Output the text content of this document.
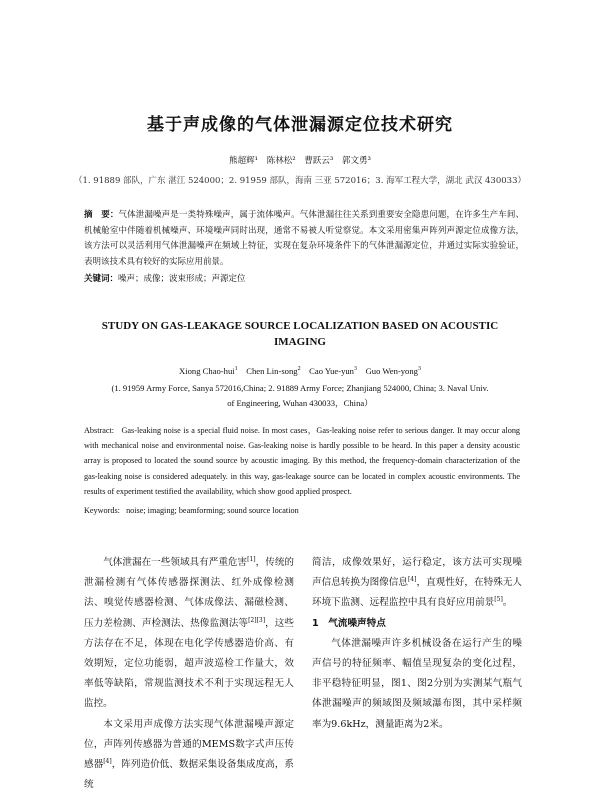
基于声成像的气体泄漏源定位技术研究
熊超辉¹ 陈林松² 曹跃云³ 郭文勇³
（1. 91889 部队，广东 湛江 524000；2. 91959 部队，海南 三亚 572016；3. 海军工程大学，湖北 武汉 430033）
摘　要：气体泄漏噪声是一类特殊噪声，属于流体噪声。气体泄漏往往关系到重要安全隐患问题，在许多生产车间、机械舱室中伴随着机械噪声、环境噪声同时出现，通常不易被人听觉察觉。本文采用密集声阵列声源定位成像方法，该方法可以灵活利用气体泄漏噪声在频域上特征，实现在复杂环境条件下的气体泄漏源定位，并通过实际实验验证，表明该技术具有较好的实际应用前景。
关键词：噪声；成像；波束形成；声源定位
STUDY ON GAS-LEAKAGE SOURCE LOCALIZATION BASED ON ACOUSTIC IMAGING
Xiong Chao-hui$^1$ Chen Lin-song$^2$ Cao Yue-yun$^3$ Guo Wen-yong$^3$
(1. 91959 Army Force, Sanya 572016,China; 2. 91889 Army Force; Zhanjiang 524000, China; 3. Naval Univ. of Engineering, Wuhan 430033，China）
Abstract: Gas-leaking noise is a special fluid noise. In most cases，Gas-leaking noise refer to serious danger. It may occur along with mechanical noise and environmental noise. Gas-leaking noise is hardly possible to be heard. In this paper a density acoustic array is proposed to located the sound source by acoustic imaging. By this method, the frequency-domain characterization of the gas-leaking noise is considered adequately. in this way, gas-leakage source can be located in complex acoustic environments. The results of experiment testified the availability, which show good applied prospect.
Keywords: noise; imaging; beamforming; sound source location

气体泄漏在一些领域具有严重危害[1]，传统的泄漏检测有气体传感器探测法、红外成像检测法、嗅觉传感器检测、气体成像法、漏磁检测、压力差检测、声检测法、热像监测法等[2][3]，这些方法存在不足，体现在电化学传感器造价高、有效期短，定位功能弱，超声波巡检工作量大，效率低等缺陷，常规监测技术不利于实现远程无人监控。

本文采用声成像方法实现气体泄漏噪声源定位，声阵列传感器为普通的MEMS数字式声压传感器[4]，阵列造价低、数据采集设备集成度高，系统

简洁，成像效果好，运行稳定，该方法可实现噪声信息转换为图像信息[4]，直观性好，在特殊无人环境下监测、远程监控中具有良好应用前景[5]。

1　气流噪声特点

气体泄漏噪声许多机械设备在运行产生的噪声信号的特征频率、幅值呈现复杂的变化过程，非平稳特征明显，图1、图2分别为实测某气瓶气体泄漏噪声的频域图及频域瀑布图，其中采样频率为9.6kHz，测量距离为2米。
